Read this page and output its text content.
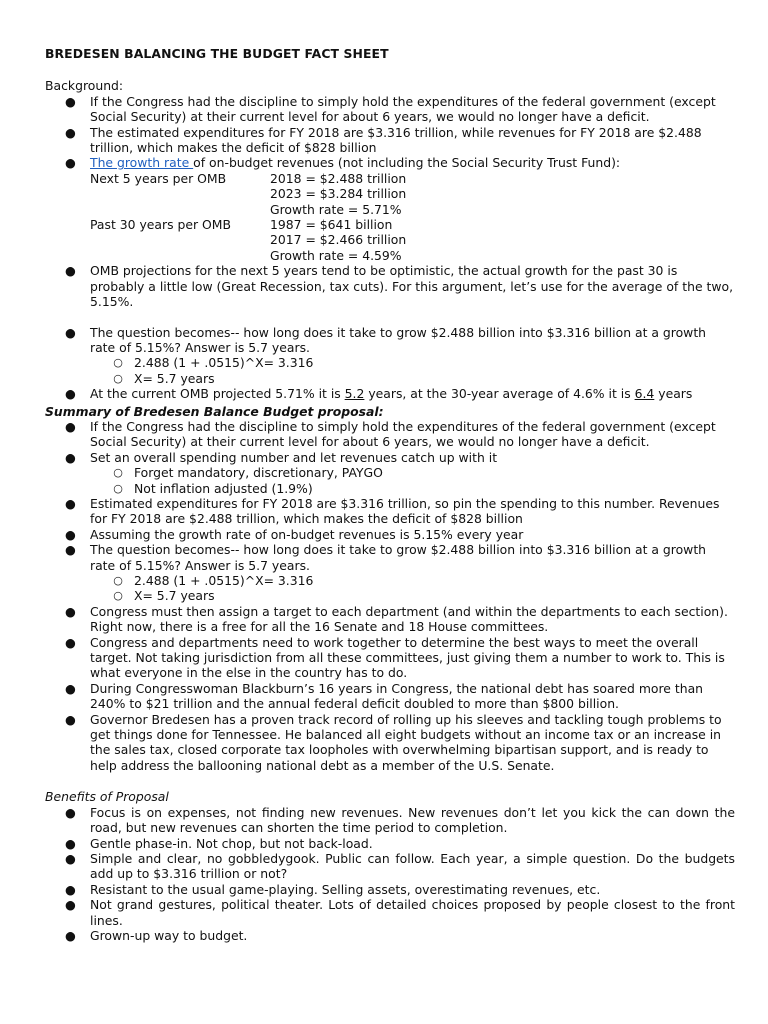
BREDESEN BALANCING THE BUDGET FACT SHEET

Background:

● If the Congress had the discipline to simply hold the expenditures of the federal government (except Social Security) at their current level for about 6 years, we would no longer have a deficit.
● The estimated expenditures for FY 2018 are $3.316 trillion, while revenues for FY 2018 are $2.488 trillion, which makes the deficit of $828 billion
● The growth rate of on-budget revenues (not including the Social Security Trust Fund):
Next 5 years per OMB	2018 = $2.488 trillion
2023 = $3.284 trillion
Growth rate = 5.71%
Past 30 years per OMB	1987 = $641 billion
2017 = $2.466 trillion
Growth rate = 4.59%
● OMB projections for the next 5 years tend to be optimistic, the actual growth for the past 30 is probably a little low (Great Recession, tax cuts). For this argument, let’s use for the average of the two, 5.15%.
● The question becomes-- how long does it take to grow $2.488 billion into $3.316 billion at a growth rate of 5.15%? Answer is 5.7 years.
○ 2.488 (1 + .0515)^X= 3.316
○ X= 5.7 years
● At the current OMB projected 5.71% it is 5.2 years, at the 30-year average of 4.6% it is 6.4 years

Summary of Bredesen Balance Budget proposal:

● If the Congress had the discipline to simply hold the expenditures of the federal government (except Social Security) at their current level for about 6 years, we would no longer have a deficit.
● Set an overall spending number and let revenues catch up with it
○ Forget mandatory, discretionary, PAYGO
○ Not inflation adjusted (1.9%)
● Estimated expenditures for FY 2018 are $3.316 trillion, so pin the spending to this number. Revenues for FY 2018 are $2.488 trillion, which makes the deficit of $828 billion
● Assuming the growth rate of on-budget revenues is 5.15% every year
● The question becomes-- how long does it take to grow $2.488 billion into $3.316 billion at a growth rate of 5.15%? Answer is 5.7 years.
○ 2.488 (1 + .0515)^X= 3.316
○ X= 5.7 years
● Congress must then assign a target to each department (and within the departments to each section). Right now, there is a free for all the 16 Senate and 18 House committees.
● Congress and departments need to work together to determine the best ways to meet the overall target. Not taking jurisdiction from all these committees, just giving them a number to work to. This is what everyone in the else in the country has to do.
● During Congresswoman Blackburn’s 16 years in Congress, the national debt has soared more than 240% to $21 trillion and the annual federal deficit doubled to more than $800 billion.
● Governor Bredesen has a proven track record of rolling up his sleeves and tackling tough problems to get things done for Tennessee. He balanced all eight budgets without an income tax or an increase in the sales tax, closed corporate tax loopholes with overwhelming bipartisan support, and is ready to help address the ballooning national debt as a member of the U.S. Senate.

Benefits of Proposal

● Focus is on expenses, not finding new revenues. New revenues don’t let you kick the can down the road, but new revenues can shorten the time period to completion.
● Gentle phase-in. Not chop, but not back-load.
● Simple and clear, no gobbledygook. Public can follow. Each year, a simple question. Do the budgets add up to $3.316 trillion or not?
● Resistant to the usual game-playing. Selling assets, overestimating revenues, etc.
● Not grand gestures, political theater. Lots of detailed choices proposed by people closest to the front lines.
● Grown-up way to budget.
